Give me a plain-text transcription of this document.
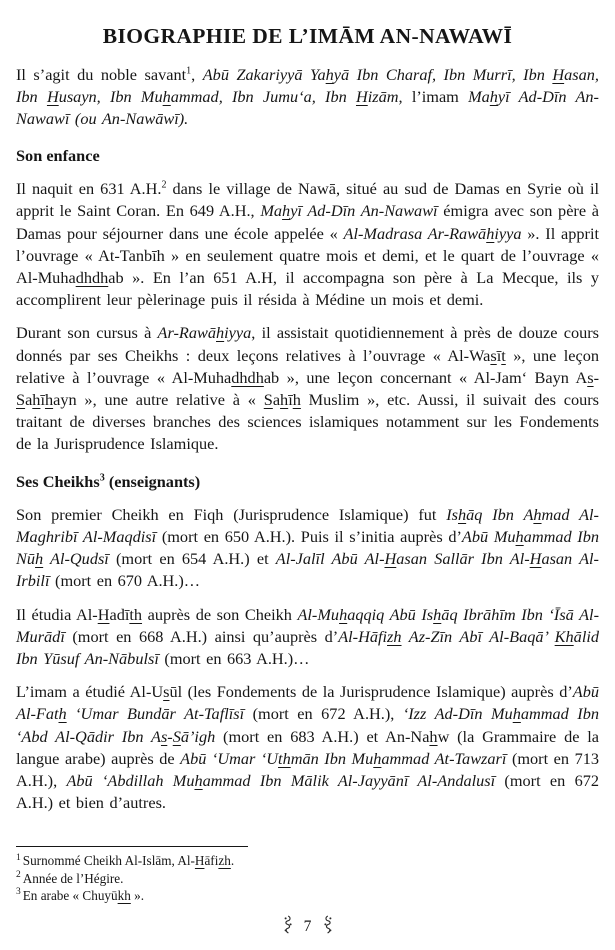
BIOGRAPHIE DE L’IMĀM AN-NAWAWĪ

Il s’agit du noble savant$^1$, Abū Zakariyyā Yahyā Ibn Charaf, Ibn Murrī, Ibn Hasan, Ibn Husayn, Ibn Muhammad, Ibn Jumu‘a, Ibn Hizām, l’imam Mahyī Ad-Dīn An-Nawawī (ou An-Nawāwī).

Son enfance

Il naquit en 631 A.H.$^2$ dans le village de Nawā, situé au sud de Damas en Syrie où il apprit le Saint Coran. En 649 A.H., Mahyī Ad-Dīn An-Nawawī émigra avec son père à Damas pour séjourner dans une école appelée « Al-Madrasa Ar-Rawāhiyya ». Il apprit l’ouvrage « At-Tanbīh » en seulement quatre mois et demi, et le quart de l’ouvrage « Al-Muhadhdhab ». En l’an 651 A.H, il accompagna son père à La Mecque, ils y accomplirent leur pèlerinage puis il résida à Médine un mois et demi.

Durant son cursus à Ar-Rawāhiyya, il assistait quotidiennement à près de douze cours donnés par ses Cheikhs : deux leçons relatives à l’ouvrage « Al-Wasīt », une leçon relative à l’ouvrage « Al-Muhadhdhab », une leçon concernant « Al-Jam‘ Bayn As-Sahīhayn », une autre relative à « Sahīh Muslim », etc. Aussi, il suivait des cours traitant de diverses branches des sciences islamiques notamment sur les Fondements de la Jurisprudence Islamique.

Ses Cheikhs$^3$ (enseignants)

Son premier Cheikh en Fiqh (Jurisprudence Islamique) fut Ishāq Ibn Ahmad Al-Maghribī Al-Maqdisī (mort en 650 A.H.). Puis il s’initia auprès d’Abū Muhammad Ibn Nūh Al-Qudsī (mort en 654 A.H.) et Al-Jalīl Abū Al-Hasan Sallār Ibn Al-Hasan Al-Irbilī (mort en 670 A.H.)…

Il étudia Al-Hadīth auprès de son Cheikh Al-Muhaqqiq Abū Ishāq Ibrāhīm Ibn ‘Īsā Al-Murādī (mort en 668 A.H.) ainsi qu’auprès d’Al-Hāfizh Az-Zīn Abī Al-Baqā’ Khālid Ibn Yūsuf An-Nābulsī (mort en 663 A.H.)…

L’imam a étudié Al-Usūl (les Fondements de la Jurisprudence Islamique) auprès d’Abū Al-Fath ‘Umar Bundār At-Taflīsī (mort en 672 A.H.), ‘Izz Ad-Dīn Muhammad Ibn ‘Abd Al-Qādir Ibn As-Sā’igh (mort en 683 A.H.) et An-Nahw (la Grammaire de la langue arabe) auprès de Abū ‘Umar ‘Uthmān Ibn Muhammad At-Tawzarī (mort en 713 A.H.), Abū ‘Abdillah Muhammad Ibn Mālik Al-Jayyānī Al-Andalusī (mort en 672 A.H.) et bien d’autres.

$^1$ Surnommé Cheikh Al-Islām, Al-Hāfizh.
$^2$ Année de l’Hégire.
$^3$ En arabe « Chuyūkh ».
7
